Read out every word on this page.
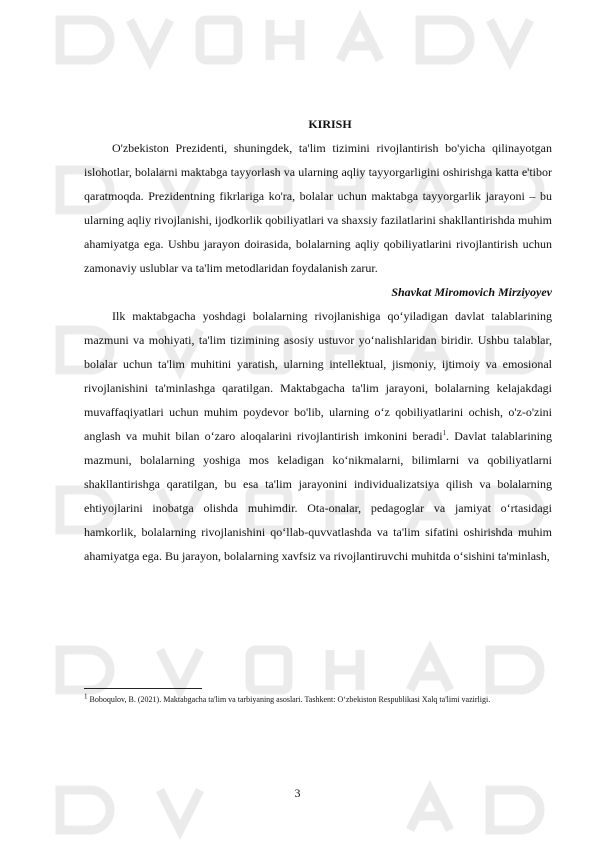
KIRISH

O'zbekiston Prezidenti, shuningdek, ta'lim tizimini rivojlantirish bo'yicha qilinayotgan islohotlar, bolalarni maktabga tayyorlash va ularning aqliy tayyorgarligini oshirishga katta e'tibor qaratmoqda. Prezidentning fikrlariga ko'ra, bolalar uchun maktabga tayyorgarlik jarayoni – bu ularning aqliy rivojlanishi, ijodkorlik qobiliyatlari va shaxsiy fazilatlarini shakllantirishda muhim ahamiyatga ega. Ushbu jarayon doirasida, bolalarning aqliy qobiliyatlarini rivojlantirish uchun zamonaviy uslublar va ta'lim metodlaridan foydalanish zarur.

Shavkat Miromovich Mirziyoyev

Ilk maktabgacha yoshdagi bolalarning rivojlanishiga qo‘yiladigan davlat talablarining mazmuni va mohiyati, ta'lim tizimining asosiy ustuvor yo‘nalishlaridan biridir. Ushbu talablar, bolalar uchun ta'lim muhitini yaratish, ularning intellektual, jismoniy, ijtimoiy va emosional rivojlanishini ta'minlashga qaratilgan. Maktabgacha ta'lim jarayoni, bolalarning kelajakdagi muvaffaqiyatlari uchun muhim poydevor bo'lib, ularning o‘z qobiliyatlarini ochish, o'z-o'zini anglash va muhit bilan o‘zaro aloqalarini rivojlantirish imkonini beradi$^1$. Davlat talablarining mazmuni, bolalarning yoshiga mos keladigan ko‘nikmalarni, bilimlarni va qobiliyatlarni shakllantirishga qaratilgan, bu esa ta'lim jarayonini individualizatsiya qilish va bolalarning ehtiyojlarini inobatga olishda muhimdir. Ota-onalar, pedagoglar va jamiyat o‘rtasidagi hamkorlik, bolalarning rivojlanishini qo‘llab-quvvatlashda va ta'lim sifatini oshirishda muhim ahamiyatga ega. Bu jarayon, bolalarning xavfsiz va rivojlantiruvchi muhitda o‘sishini ta'minlash,

$^1$ Boboqulov, B. (2021). Maktabgacha ta'lim va tarbiyaning asoslari. Tashkent: O‘zbekiston Respublikasi Xalq ta'limi vazirligi.
3
